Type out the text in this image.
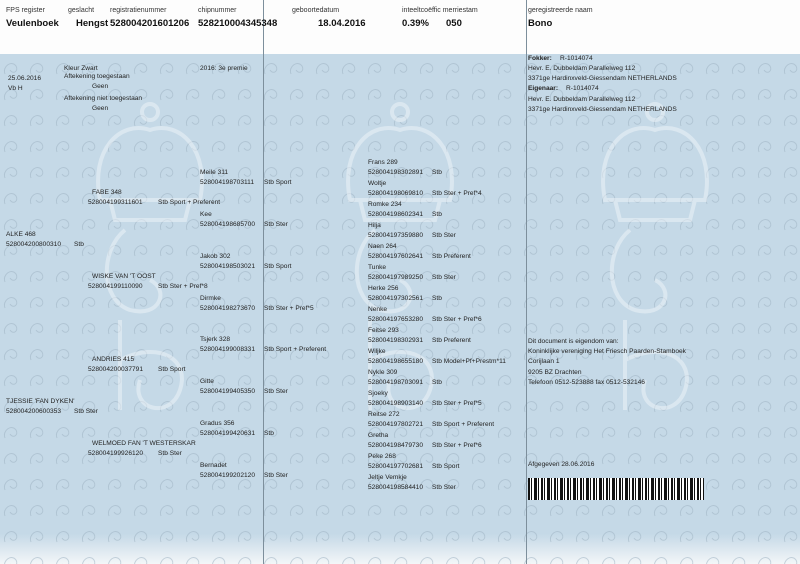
FPS register	geslacht registratienummer	chipnummer	geboortedatum	inteeltcoëffic merriestam	geregistreerde naam
Veulenboek Hengst 528004201601206 528210004345348	18.04.2016	0.39% 050	Bono
25.06.2016
Vb H
Kleur Zwart	2016: 3e premie
Aftekening toegestaan
Geen
Aftekening niet toegestaan
Geen
ALKE 468
528004200800310 Stb
FABE 348
528004199311601 Stb Sport + Preferent
WISKE VAN 'T OOST
528004199110090 Stb Ster + Pref*8
ANDRIES 415
528004200037791 Stb Sport
TJESSIE 'FAN DYKEN'
528004200600353 Stb Ster
WELMOED FAN 'T WESTERSKAR
528004199926120 Stb Ster
Meile 311
528004198703111 Stb Sport
Kee
528004198685700 Stb Ster
Jakob 302
528004198503021 Stb Sport
Dirmke
528004198273670 Stb Ster + Pref*5
Tsjerk 328
528004199008331 Stb Sport + Preferent
Gitte
528004199405350 Stb Ster
Gradus 356
528004199420631 Stb
Bernadet
528004199202120 Stb Ster
Frans 289
528004198302891 Stb
Woltje
528004198069810 Stb Ster + Pref*4
Romke 234
528004198602341 Stb
Hilja
528004197359880 Stb Ster
Naen 264
528004197602641 Stb Preferent
Tunke
528004197989250 Stb Ster
Herke 256
528004197302561 Stb
Nenke
528004197653280 Stb Ster + Pref*6
Feitse 293
528004198302931 Stb Preferent
Wiljke
528004198655180 Stb Model+Pf+Prestm*11
Nykle 309
528004198703091 Stb
Sjoeky
528004198903140 Stb Ster + Pref*5
Reitse 272
528004197802721 Stb Sport + Preferent
Gretha
528004198479730 Stb Ster + Pref*6
Peke 268
528004197702681 Stb Sport
Jeltje Vemkje
528004198584410 Stb Ster
Fokker: R-1014074
Hevr. E. Dubbeldam Parallelweg 112
3371ge Hardinxveld-Giessendam NETHERLANDS
Eigenaar: R-1014074
Hevr. E. Dubbeldam Parallelweg 112
3371ge Hardinxveld-Giessendam NETHERLANDS
Dit document is eigendom van:
Koninklijke vereniging Het Friesch Paarden-Stamboek
Corijlaan 1
9205 BZ Drachten
Telefoon 0512-523888 fax 0512-532146
Afgegeven 28.06.2016
